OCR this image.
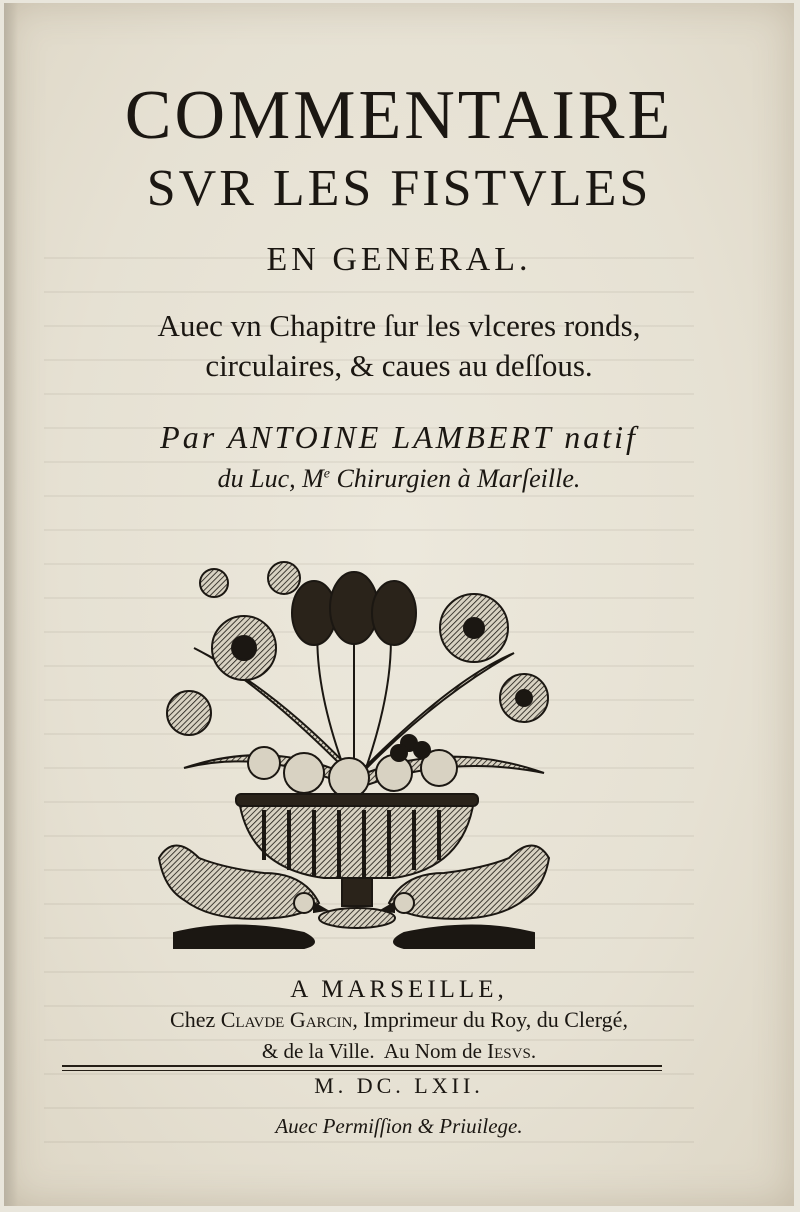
COMMENTAIRE
SVR LES FISTVLES
EN GENERAL.
Auec vn Chapitre ſur les vlceres ronds,
circulaires, & caues au deſſous.
Par ANTOINE LAMBERT natif
du Luc, Me Chirurgien à Marſeille.
A MARSEILLE,
Chez Clavde Garcin, Imprimeur du Roy, du Clergé,
& de la Ville.  Au Nom de Iesvs.
M. DC. LXII.
Auec Permiſſion & Priuilege.
